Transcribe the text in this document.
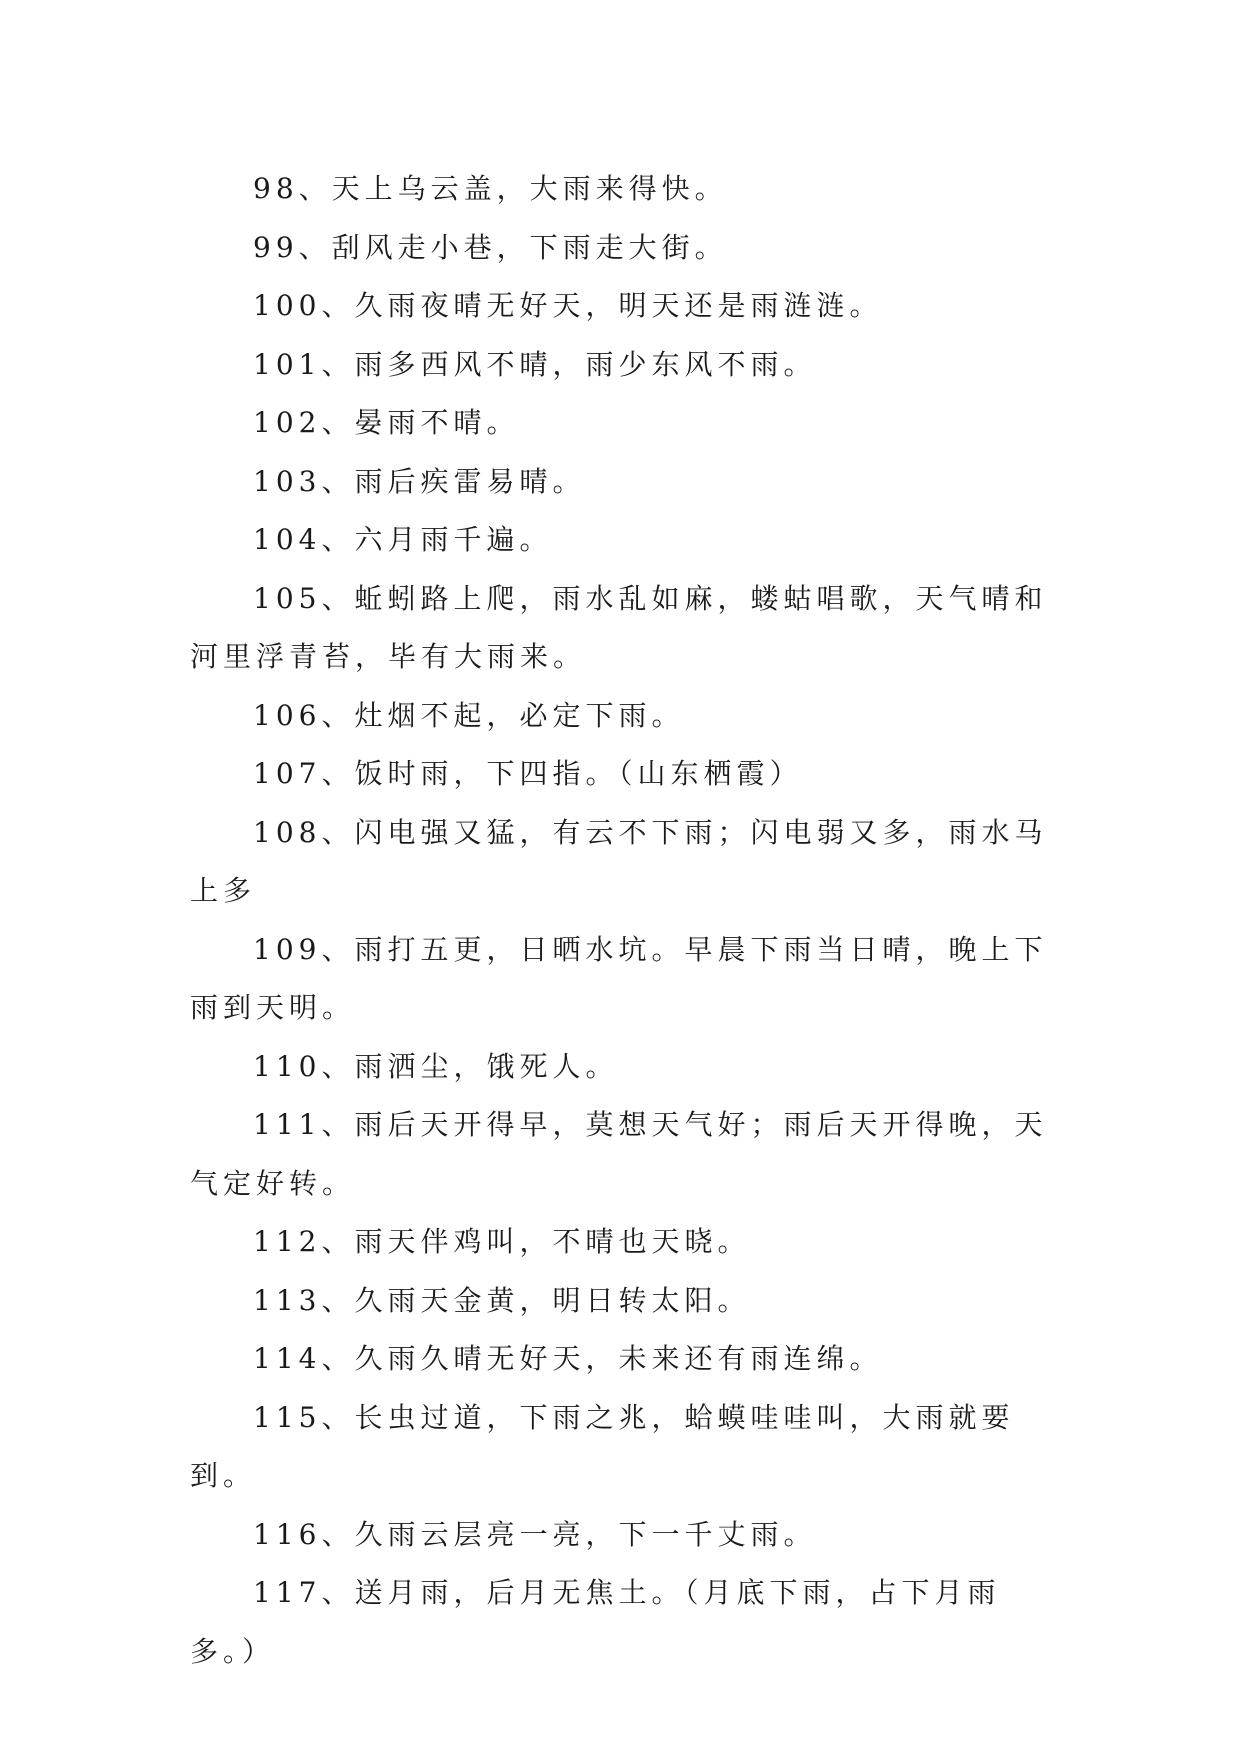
98、天上乌云盖，大雨来得快。

99、刮风走小巷，下雨走大街。

100、久雨夜晴无好天，明天还是雨涟涟。

101、雨多西风不晴，雨少东风不雨。

102、晏雨不晴。

103、雨后疾雷易晴。

104、六月雨千遍。

105、蚯蚓路上爬，雨水乱如麻，蝼蛄唱歌，天气晴和河里浮青苔，毕有大雨来。

106、灶烟不起，必定下雨。

107、饭时雨，下四指。（山东栖霞）

108、闪电强又猛，有云不下雨；闪电弱又多，雨水马上多

109、雨打五更，日晒水坑。早晨下雨当日晴，晚上下雨到天明。

110、雨洒尘，饿死人。

111、雨后天开得早，莫想天气好；雨后天开得晚，天气定好转。

112、雨天伴鸡叫，不晴也天晓。

113、久雨天金黄，明日转太阳。

114、久雨久晴无好天，未来还有雨连绵。

115、长虫过道，下雨之兆，蛤蟆哇哇叫，大雨就要到。

116、久雨云层亮一亮，下一千丈雨。

117、送月雨，后月无焦土。（月底下雨，占下月雨多。）
